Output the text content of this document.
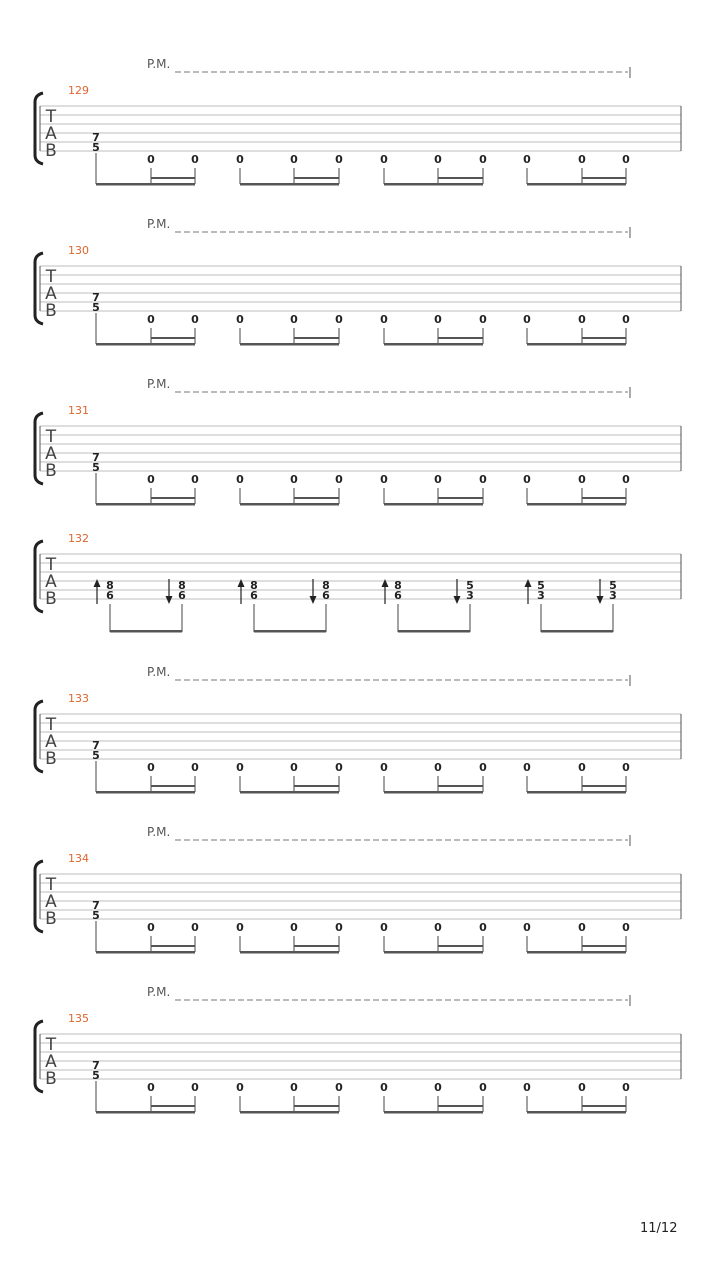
T
A
B
129
P.M.
7
5
0	0	0	0	0	0	0	0	0	0	0
T
A
B
130
P.M.
7
5
0	0	0	0	0	0	0	0	0	0	0
T
A
B
131
P.M.
7
5
0	0	0	0	0	0	0	0	0	0	0
T
A
B
132
8
6
8
6
8
6
8
6
8
6
5
3
5
3
5
3
T
A
B
133
P.M.
7
5
0	0	0	0	0	0	0	0	0	0	0
T
A
B
134
P.M.
7
5
0	0	0	0	0	0	0	0	0	0	0
T
A
B
135
P.M.
7
5
0	0	0	0	0	0	0	0	0	0	0
11/12
